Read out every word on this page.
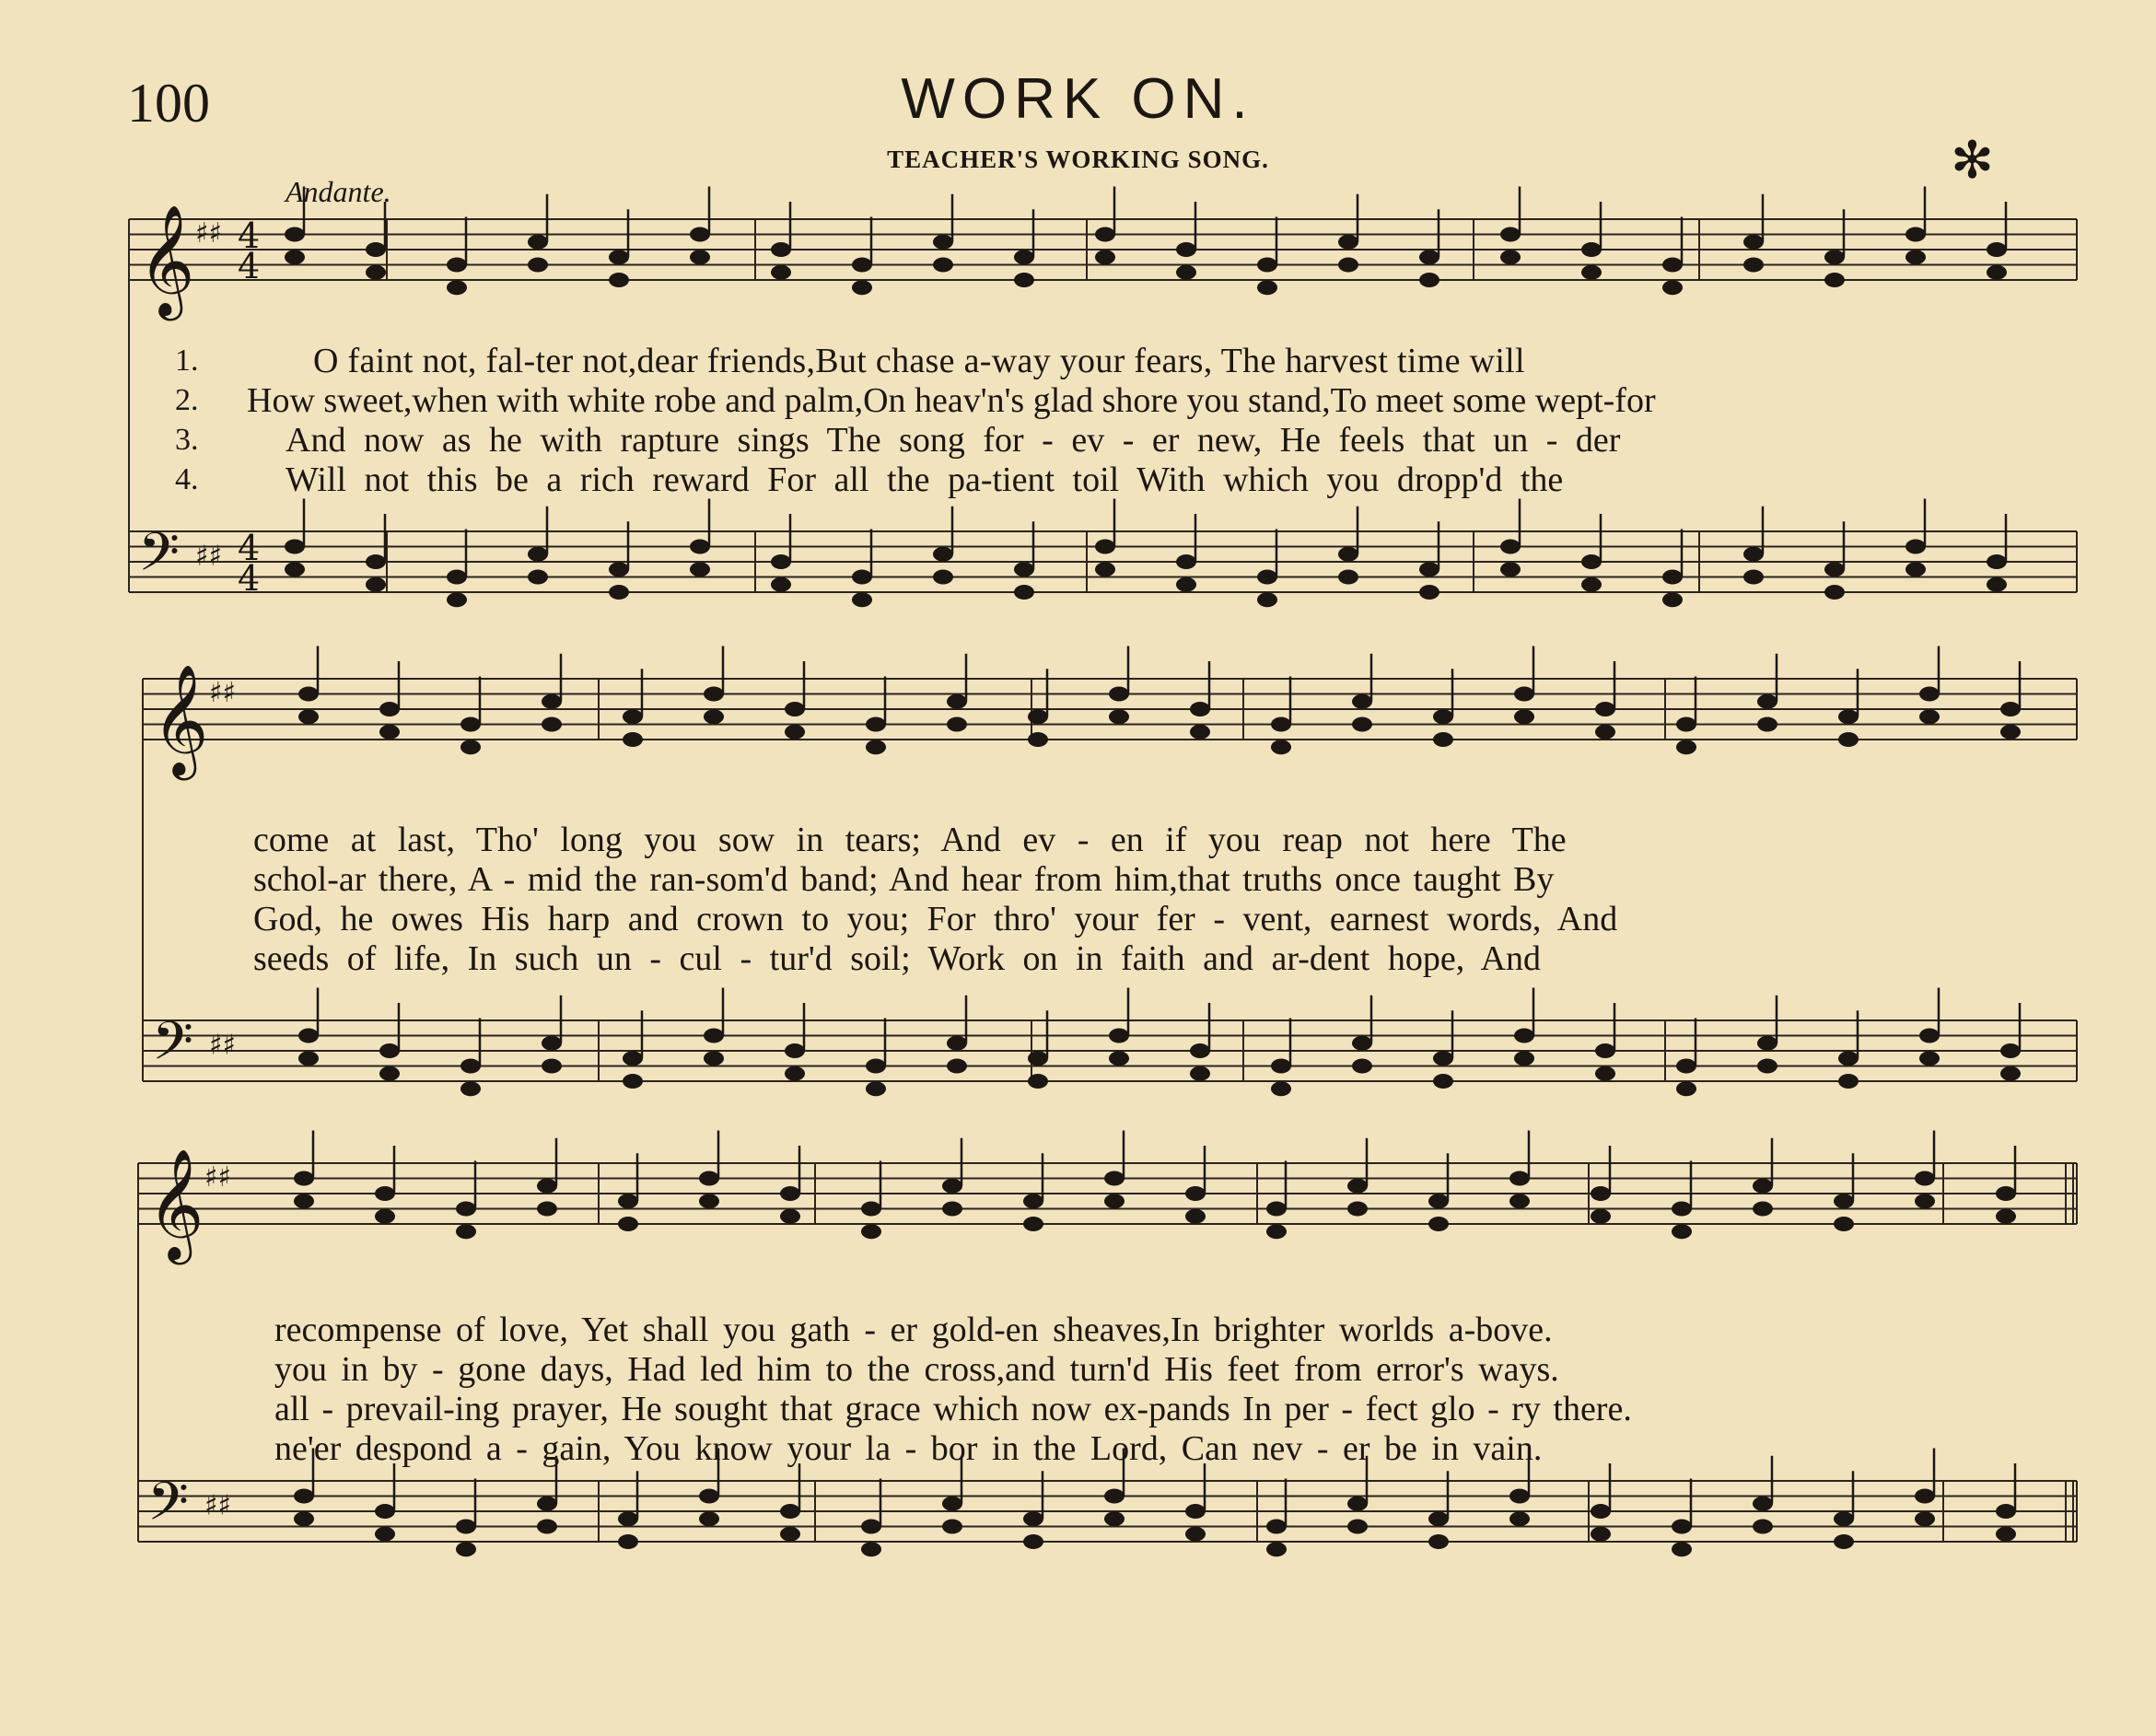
100	WORK ON.
TEACHER'S WORKING SONG.	✻
Andante.
𝄞 ♯♯ 4
4
𝄢 ♯♯ 4
4
𝄞 ♯♯
𝄢 ♯♯
𝄞 ♯♯
𝄢 ♯♯
1.
2.
3.
4.
O faint not, fal-ter not,dear friends,But chase a-way your fears, The harvest time will
How sweet,when with white robe and palm,On heav'n's glad shore you stand,To meet some wept-for
And now as he with rapture sings The song for - ev - er new, He feels that un - der
Will not this be a rich reward For all the pa-tient toil With which you dropp'd the
come at last, Tho' long you sow in tears; And ev - en if you reap not here The
schol-ar there, A - mid the ran-som'd band; And hear from him,that truths once taught By
God, he owes His harp and crown to you; For thro' your fer - vent, earnest words, And
seeds of life, In such un - cul - tur'd soil; Work on in faith and ar-dent hope, And
recompense of love, Yet shall you gath - er gold-en sheaves,In brighter worlds a-bove.
you in by - gone days, Had led him to the cross,and turn'd His feet from error's ways.
all - prevail-ing prayer, He sought that grace which now ex-pands In per - fect glo - ry there.
ne'er despond a - gain, You know your la - bor in the Lord, Can nev - er be in vain.
